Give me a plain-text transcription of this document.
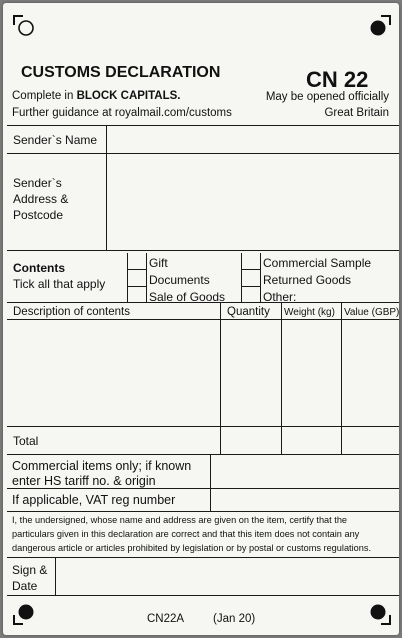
CUSTOMS DECLARATION	CN 22
Complete in BLOCK CAPITALS.
Further guidance at royalmail.com/customs
May be opened officially
Great Britain
Sender`s Name
Sender`s
Address &
Postcode
Contents
Tick all that apply
Gift
Documents
Sale of Goods
Commercial Sample
Returned Goods
Other:
Description of contents	Quantity Weight (kg) Value (GBP)
Total
Commercial items only; if known
enter HS tariff no. & origin
If applicable, VAT reg number
I, the undersigned, whose name and address are given on the item, certify that the
particulars given in this declaration are correct and that this item does not contain any
dangerous article or articles prohibited by legislation or by postal or customs regulations.
Sign &
Date
CN22A	(Jan 20)
